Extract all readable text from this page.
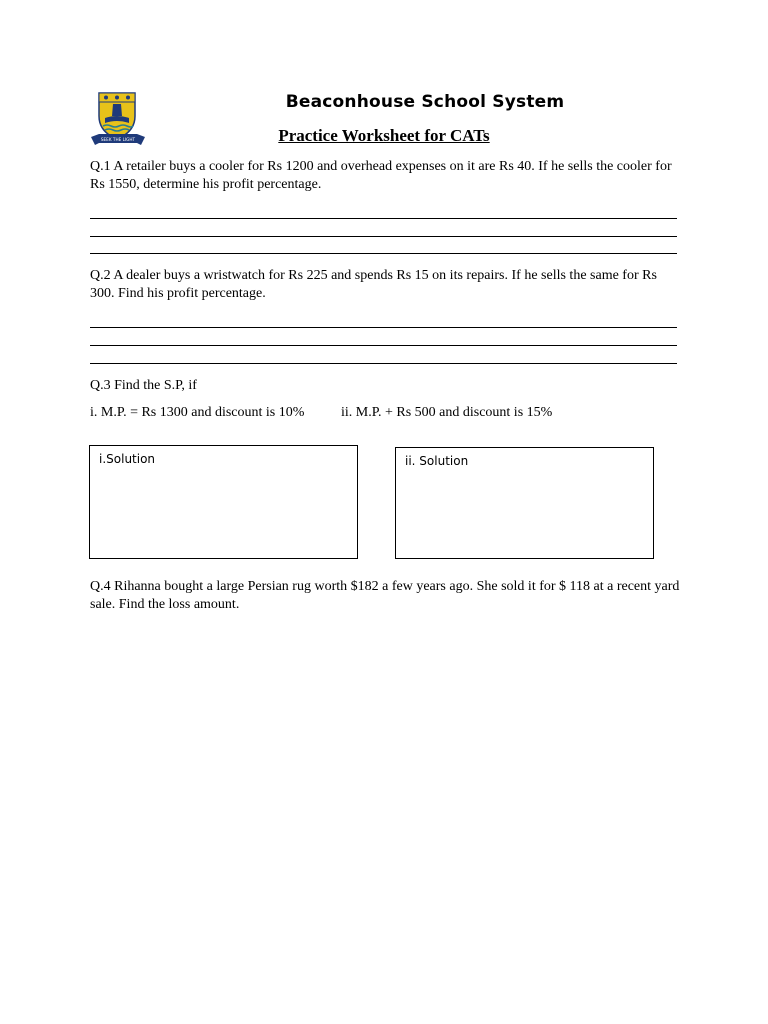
SEEK THE LIGHT
Beaconhouse School System
Practice Worksheet for CATs
Q.1 A retailer buys a cooler for Rs 1200 and overhead expenses on it are Rs 40. If he sells the cooler for Rs 1550, determine his profit percentage.
Q.2 A dealer buys a wristwatch for Rs 225 and spends Rs 15 on its repairs. If he sells the same for Rs 300. Find his profit percentage.
Q.3 Find the S.P, if
i. M.P. = Rs 1300 and discount is 10%	ii. M.P. + Rs 500 and discount is 15%
i.Solution	ii. Solution
Q.4 Rihanna bought a large Persian rug worth $182 a few years ago. She sold it for $ 118 at a recent yard sale. Find the loss amount.
